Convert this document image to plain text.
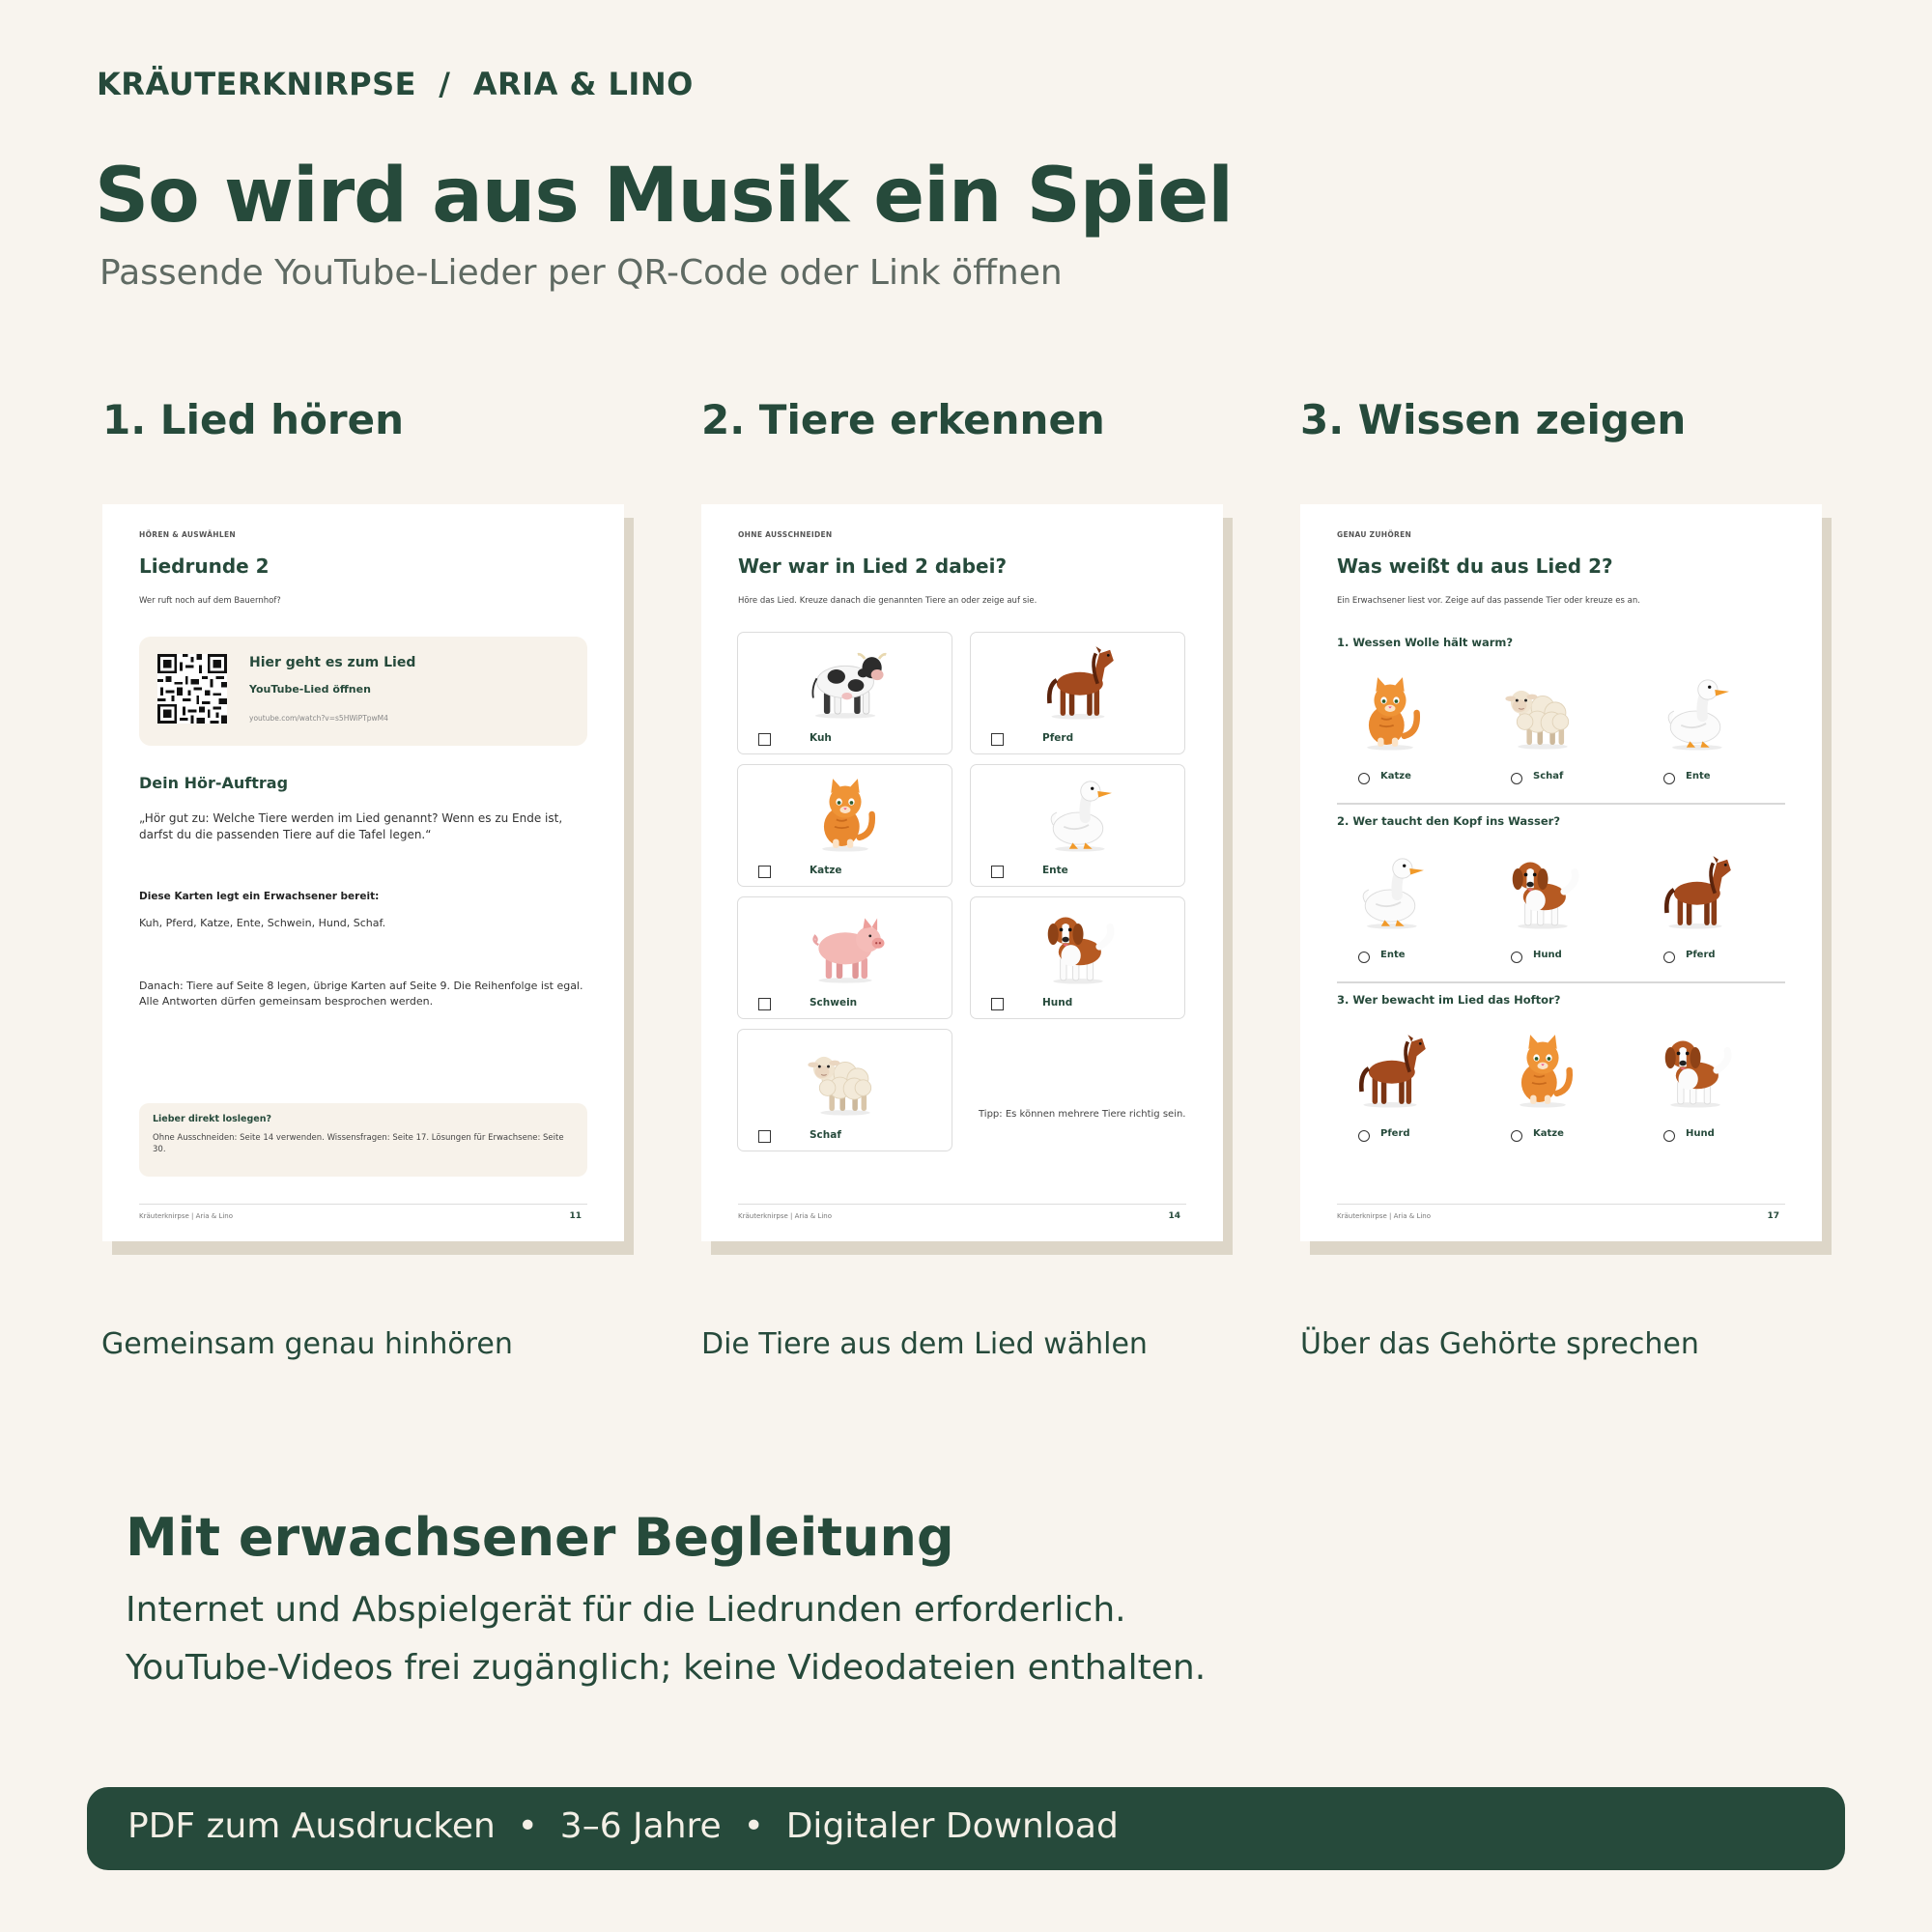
KRÄUTERKNIRPSE  /  ARIA & LINO
So wird aus Musik ein Spiel
Passende YouTube-Lieder per QR-Code oder Link öffnen
1. Lied hören	2. Tiere erkennen	3. Wissen zeigen
HÖREN & AUSWÄHLEN
Liedrunde 2
Wer ruft noch auf dem Bauernhof?
Hier geht es zum Lied
YouTube-Lied öffnen
youtube.com/watch?v=s5HWiPTpwM4
Dein Hör-Auftrag
„Hör gut zu: Welche Tiere werden im Lied genannt? Wenn es zu Ende ist, darfst du die passenden Tiere auf die Tafel legen.“
Diese Karten legt ein Erwachsener bereit:
Kuh, Pferd, Katze, Ente, Schwein, Hund, Schaf.
Danach: Tiere auf Seite 8 legen, übrige Karten auf Seite 9. Die Reihenfolge ist egal. Alle Antworten dürfen gemeinsam besprochen werden.
Lieber direkt loslegen?
Ohne Ausschneiden: Seite 14 verwenden. Wissensfragen: Seite 17. Lösungen für Erwachsene: Seite 30.
Kräuterknirpse | Aria & Lino	11
OHNE AUSSCHNEIDEN
Wer war in Lied 2 dabei?
Höre das Lied. Kreuze danach die genannten Tiere an oder zeige auf sie.
Kuh	Pferd
Katze	Ente
Schwein	Hund
Schaf
Tipp: Es können mehrere Tiere richtig sein.
Kräuterknirpse | Aria & Lino	14
GENAU ZUHÖREN
Was weißt du aus Lied 2?
Ein Erwachsener liest vor. Zeige auf das passende Tier oder kreuze es an.
1. Wessen Wolle hält warm?
Katze	Schaf	Ente
2. Wer taucht den Kopf ins Wasser?
Ente	Hund	Pferd
3. Wer bewacht im Lied das Hoftor?
Pferd	Katze	Hund
Kräuterknirpse | Aria & Lino	17
Gemeinsam genau hinhören	Die Tiere aus dem Lied wählen	Über das Gehörte sprechen
Mit erwachsener Begleitung
Internet und Abspielgerät für die Liedrunden erforderlich.
YouTube-Videos frei zugänglich; keine Videodateien enthalten.
PDF zum Ausdrucken  •  3–6 Jahre  •  Digitaler Download
